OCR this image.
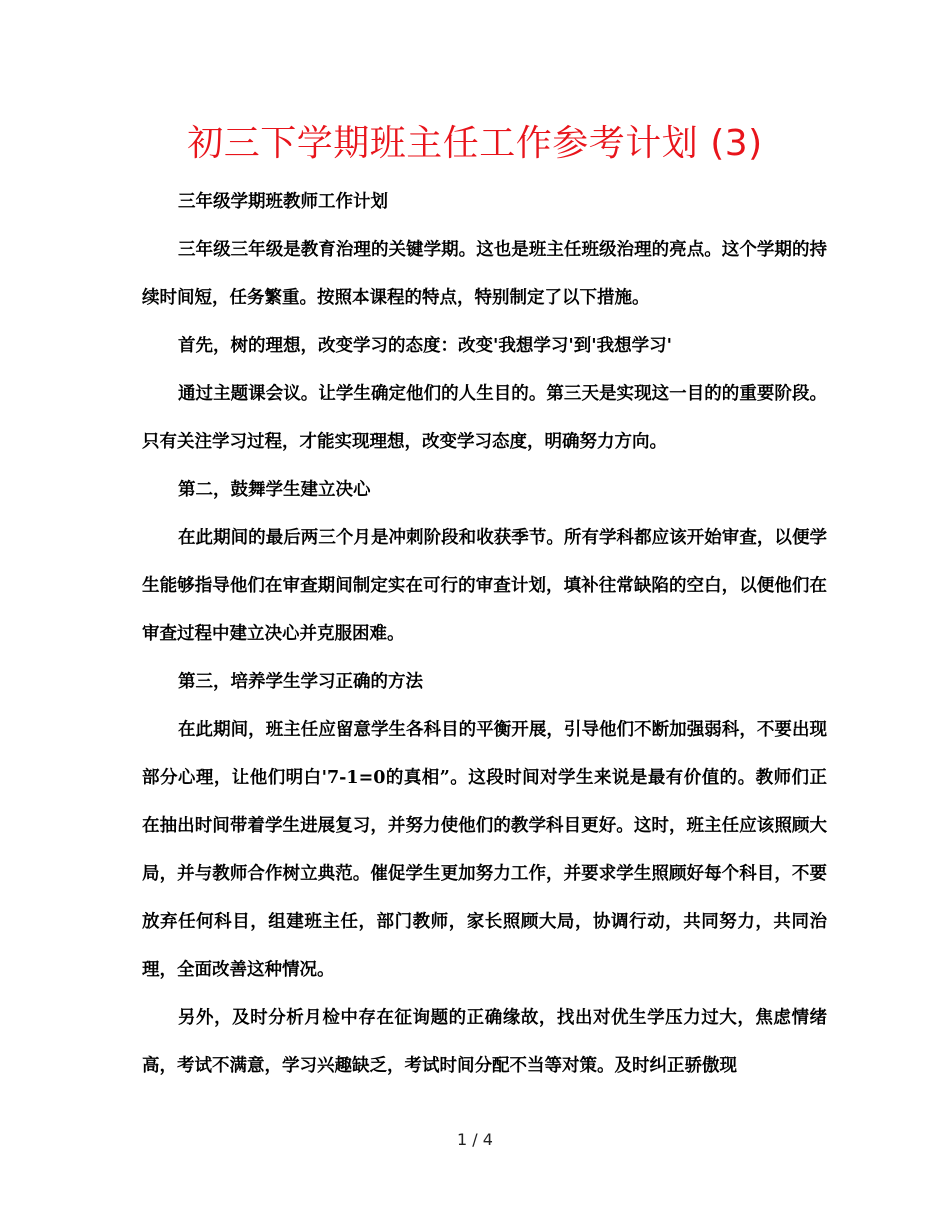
初三下学期班主任工作参考计划 (3)

三年级学期班教师工作计划

三年级三年级是教育治理的关键学期。这也是班主任班级治理的亮点。这个学期的持续时间短，任务繁重。按照本课程的特点，特别制定了以下措施。

首先，树的理想，改变学习的态度：改变'我想学习'到'我想学习'

通过主题课会议。让学生确定他们的人生目的。第三天是实现这一目的的重要阶段。只有关注学习过程，才能实现理想，改变学习态度，明确努力方向。

第二，鼓舞学生建立决心

在此期间的最后两三个月是冲刺阶段和收获季节。所有学科都应该开始审查，以便学生能够指导他们在审查期间制定实在可行的审查计划，填补往常缺陷的空白，以便他们在审查过程中建立决心并克服困难。

第三，培养学生学习正确的方法

在此期间，班主任应留意学生各科目的平衡开展，引导他们不断加强弱科，不要出现部分心理，让他们明白'7-1=0的真相”。这段时间对学生来说是最有价值的。教师们正在抽出时间带着学生进展复习，并努力使他们的教学科目更好。这时，班主任应该照顾大局，并与教师合作树立典范。催促学生更加努力工作，并要求学生照顾好每个科目，不要放弃任何科目，组建班主任，部门教师，家长照顾大局，协调行动，共同努力，共同治理，全面改善这种情况。

另外，及时分析月检中存在征询题的正确缘故，找出对优生学压力过大，焦虑情绪高，考试不满意，学习兴趣缺乏，考试时间分配不当等对策。及时纠正骄傲现

1 / 4
